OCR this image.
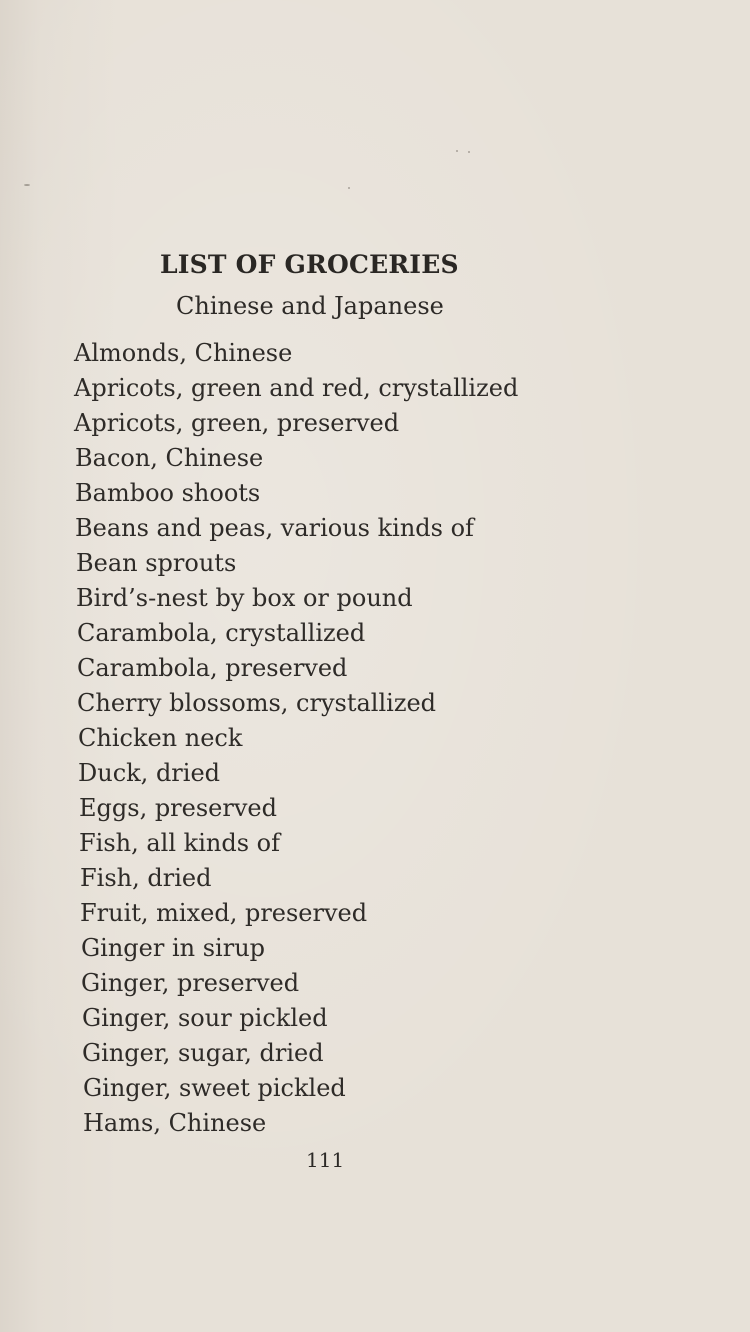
LIST OF GROCERIES
Chinese and Japanese
Almonds, Chinese
Apricots, green and red, crystallized
Apricots, green, preserved
Bacon, Chinese
Bamboo shoots
Beans and peas, various kinds of
Bean sprouts
Bird’s-nest by box or pound
Carambola, crystallized
Carambola, preserved
Cherry blossoms, crystallized
Chicken neck
Duck, dried
Eggs, preserved
Fish, all kinds of
Fish, dried
Fruit, mixed, preserved
Ginger in sirup
Ginger, preserved
Ginger, sour pickled
Ginger, sugar, dried
Ginger, sweet pickled
Hams, Chinese
111
